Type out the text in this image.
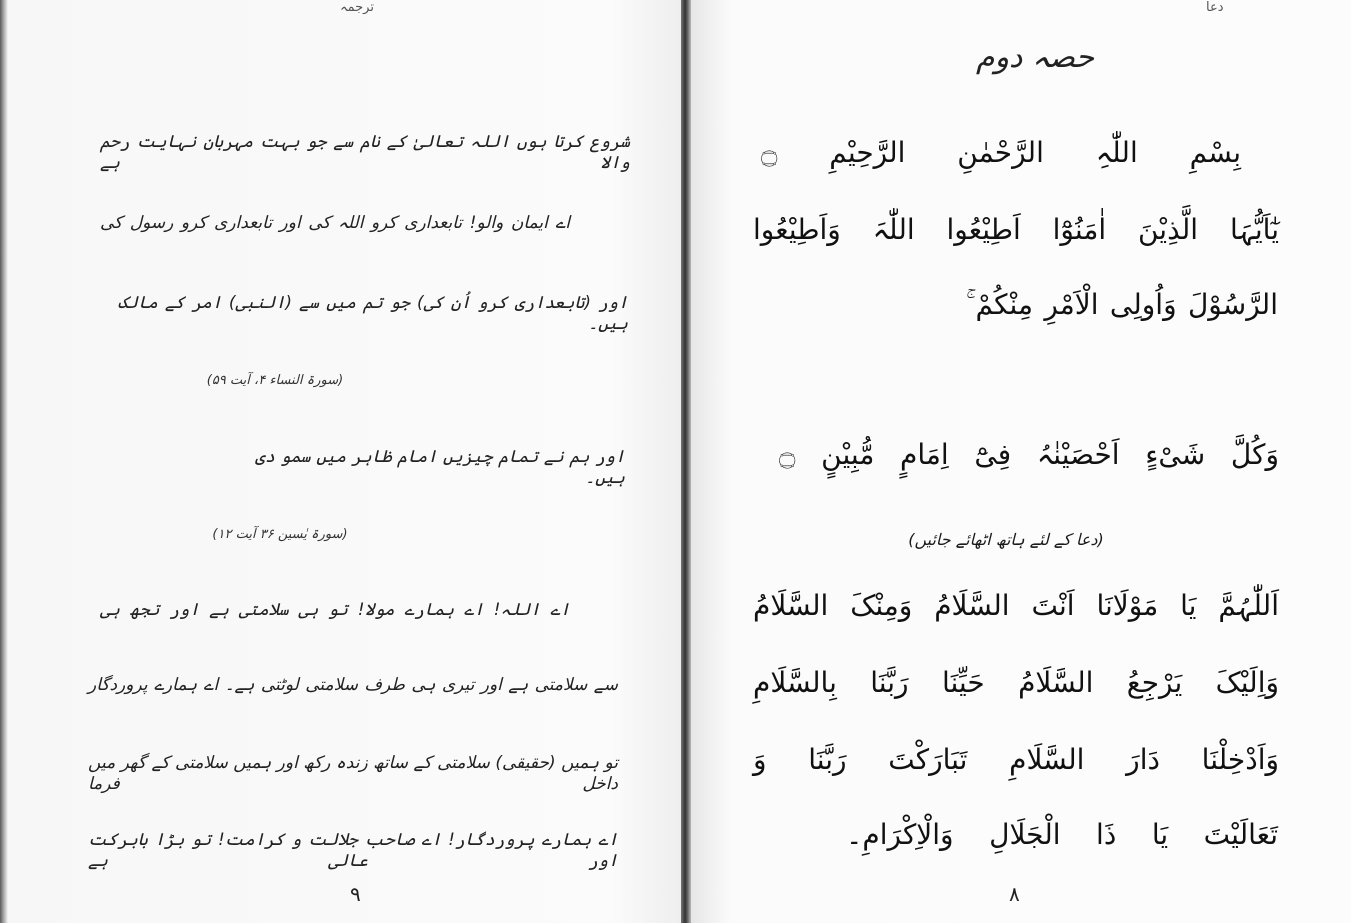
ترجمہ
شروع کرتا ہوں اللہ تعالیٰ کے نام سے جو بہت مہربان نہایت رحم والا ہے
اے ایمان والو! تابعداری کرو اللہ کی اور تابعداری کرو رسول کی
اور (تابعداری کرو اُن کی) جو تم میں سے (النبی) امر کے مالک ہیں۔
(سورۃ النساء ۴، آیت ۵۹)
اور ہم نے تمام چیزیں امام ظاہر میں سمو دی ہیں۔
(سورۃ یٰسین ۳۶ آیت ۱۲)
اے اللہ! اے ہمارے مولا! تو ہی سلامتی ہے اور تجھ ہی
سے سلامتی ہے اور تیری ہی طرف سلامتی لوٹتی ہے۔ اے ہمارے پروردگار
تو ہمیں (حقیقی) سلامتی کے ساتھ زندہ رکھ اور ہمیں سلامتی کے گھر میں داخل فرما
اے ہمارے پروردگار! اے صاحب جلالت و کرامت! تو بڑا بابرکت اور عالی ہے
٩
دعا
حصہ دوم
بِسْمِ اللّٰہِ الرَّحْمٰنِ الرَّحِیْمِ ۝
یٰٓاَیُّہَا الَّذِیْنَ اٰمَنُوْٓا اَطِیْعُوا اللّٰہَ وَاَطِیْعُوا
الرَّسُوْلَ وَاُولِی الْاَمْرِ مِنْکُمْ ۚ
وَکُلَّ شَیْءٍ اَحْصَیْنٰہُ فِیْٓ اِمَامٍ مُّبِیْنٍ ۝
(دعا کے لئے ہاتھ اٹھائے جائیں)
اَللّٰہُمَّ یَا مَوْلَانَا اَنْتَ السَّلَامُ وَمِنْکَ السَّلَامُ
وَاِلَیْکَ یَرْجِعُ السَّلَامُ حَیِّنَا رَبَّنَا بِالسَّلَامِ
وَاَدْخِلْنَا دَارَ السَّلَامِ تَبَارَکْتَ رَبَّنَا وَ
تَعَالَیْتَ یَا ذَا الْجَلَالِ وَالْاِکْرَامِ۔
٨
